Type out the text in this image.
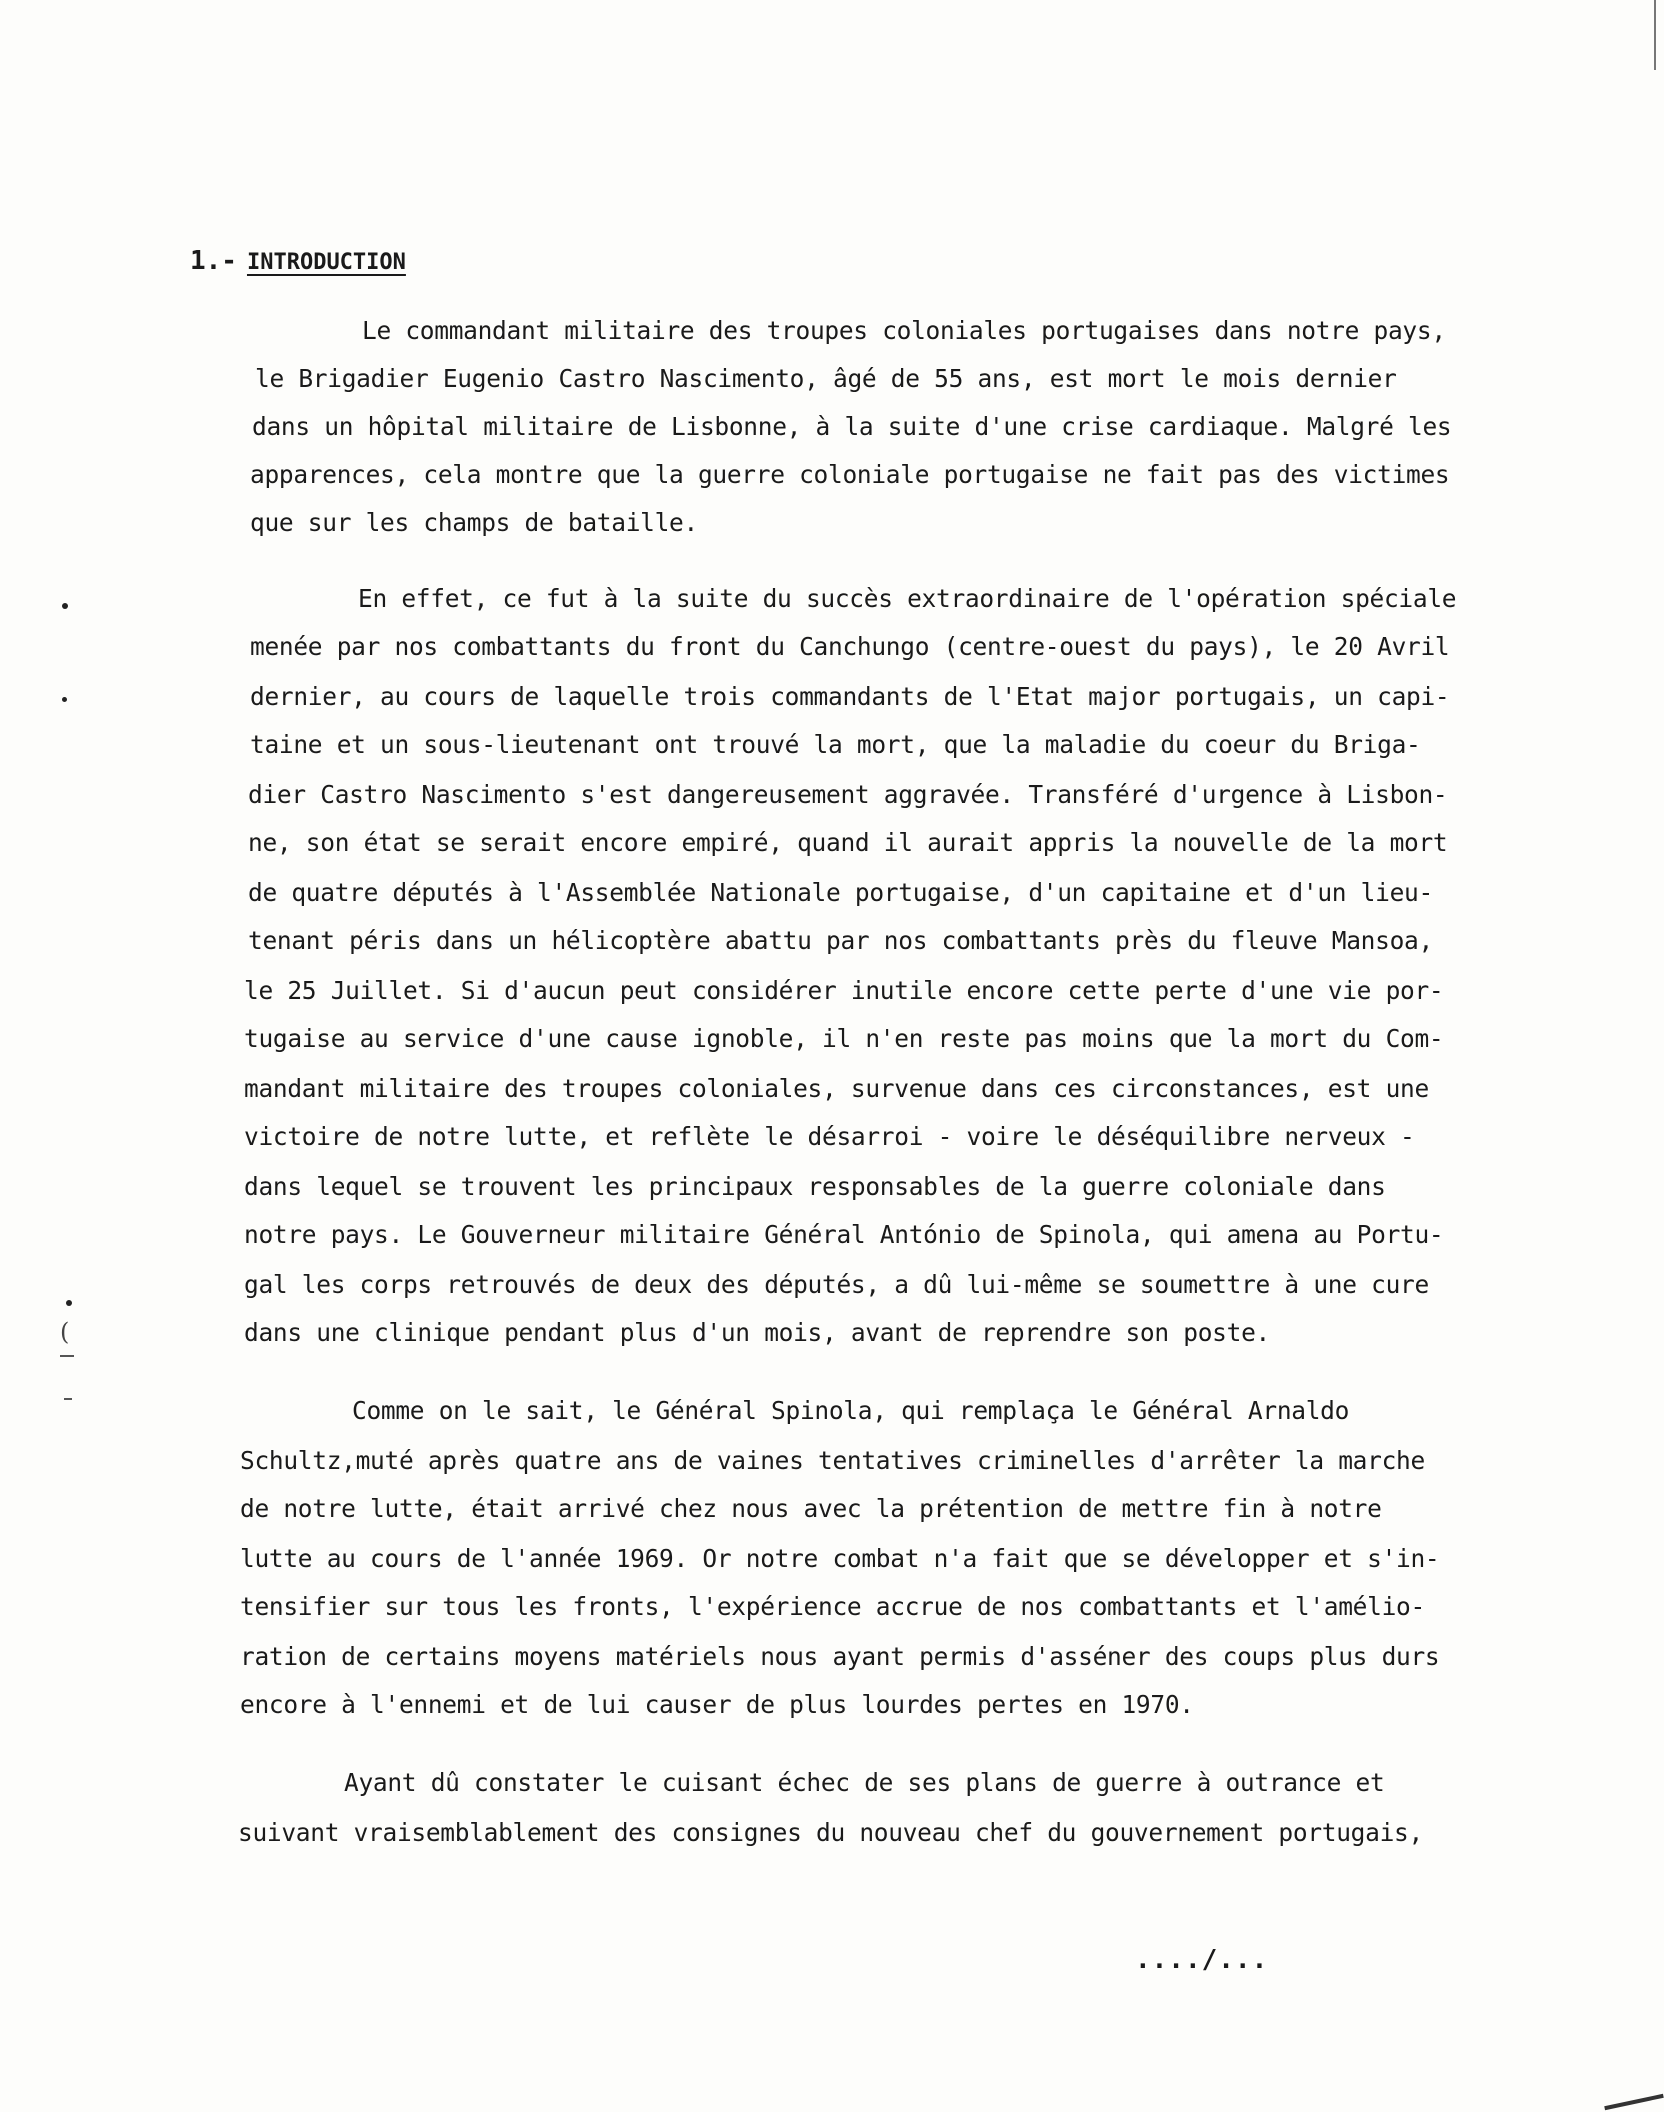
(
1.- INTRODUCTION
Le commandant militaire des troupes coloniales portugaises dans notre pays,
le Brigadier Eugenio Castro Nascimento, âgé de 55 ans, est mort le mois dernier
dans un hôpital militaire de Lisbonne, à la suite d'une crise cardiaque. Malgré les
apparences, cela montre que la guerre coloniale portugaise ne fait pas des victimes
que sur les champs de bataille.
En effet, ce fut à la suite du succès extraordinaire de l'opération spéciale
menée par nos combattants du front du Canchungo (centre-ouest du pays), le 20 Avril
dernier, au cours de laquelle trois commandants de l'Etat major portugais, un capi-
taine et un sous-lieutenant ont trouvé la mort, que la maladie du coeur du Briga-
dier Castro Nascimento s'est dangereusement aggravée. Transféré d'urgence à Lisbon-
ne, son état se serait encore empiré, quand il aurait appris la nouvelle de la mort
de quatre députés à l'Assemblée Nationale portugaise, d'un capitaine et d'un lieu-
tenant péris dans un hélicoptère abattu par nos combattants près du fleuve Mansoa,
le 25 Juillet. Si d'aucun peut considérer inutile encore cette perte d'une vie por-
tugaise au service d'une cause ignoble, il n'en reste pas moins que la mort du Com-
mandant militaire des troupes coloniales, survenue dans ces circonstances, est une
victoire de notre lutte, et reflète le désarroi - voire le déséquilibre nerveux -
dans lequel se trouvent les principaux responsables de la guerre coloniale dans
notre pays. Le Gouverneur militaire Général António de Spinola, qui amena au Portu-
gal les corps retrouvés de deux des députés, a dû lui-même se soumettre à une cure
dans une clinique pendant plus d'un mois, avant de reprendre son poste.
Comme on le sait, le Général Spinola, qui remplaça le Général Arnaldo
Schultz,muté après quatre ans de vaines tentatives criminelles d'arrêter la marche
de notre lutte, était arrivé chez nous avec la prétention de mettre fin à notre
lutte au cours de l'année 1969. Or notre combat n'a fait que se développer et s'in-
tensifier sur tous les fronts, l'expérience accrue de nos combattants et l'amélio-
ration de certains moyens matériels nous ayant permis d'asséner des coups plus durs
encore à l'ennemi et de lui causer de plus lourdes pertes en 1970.
Ayant dû constater le cuisant échec de ses plans de guerre à outrance et
suivant vraisemblablement des consignes du nouveau chef du gouvernement portugais,
..../...
